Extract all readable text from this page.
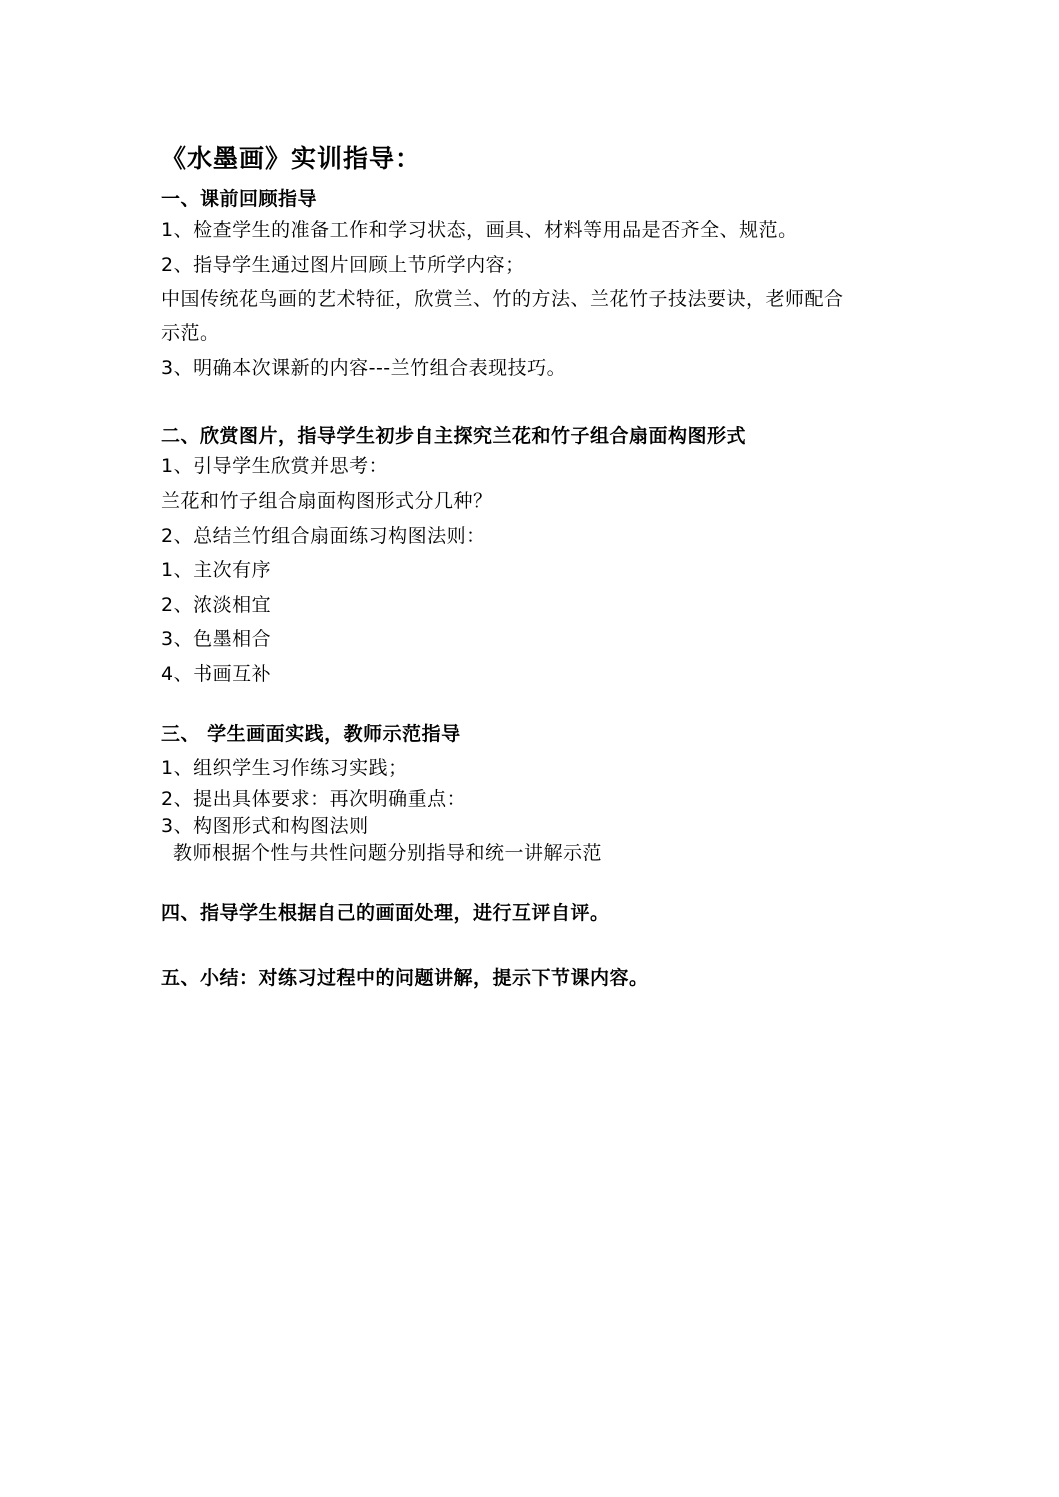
《水墨画》实训指导：
一、课前回顾指导
1、检查学生的准备工作和学习状态，画具、材料等用品是否齐全、规范。
2、指导学生通过图片回顾上节所学内容；
中国传统花鸟画的艺术特征，欣赏兰、竹的方法、兰花竹子技法要诀，老师配合
示范。
3、明确本次课新的内容---兰竹组合表现技巧。
二、欣赏图片，指导学生初步自主探究兰花和竹子组合扇面构图形式
1、引导学生欣赏并思考：
兰花和竹子组合扇面构图形式分几种？
2、总结兰竹组合扇面练习构图法则：
1、主次有序
2、浓淡相宜
3、色墨相合
4、书画互补
三、 学生画面实践，教师示范指导
1、组织学生习作练习实践；
2、提出具体要求：再次明确重点：
3、构图形式和构图法则
教师根据个性与共性问题分别指导和统一讲解示范
四、指导学生根据自己的画面处理，进行互评自评。
五、小结：对练习过程中的问题讲解，提示下节课内容。
